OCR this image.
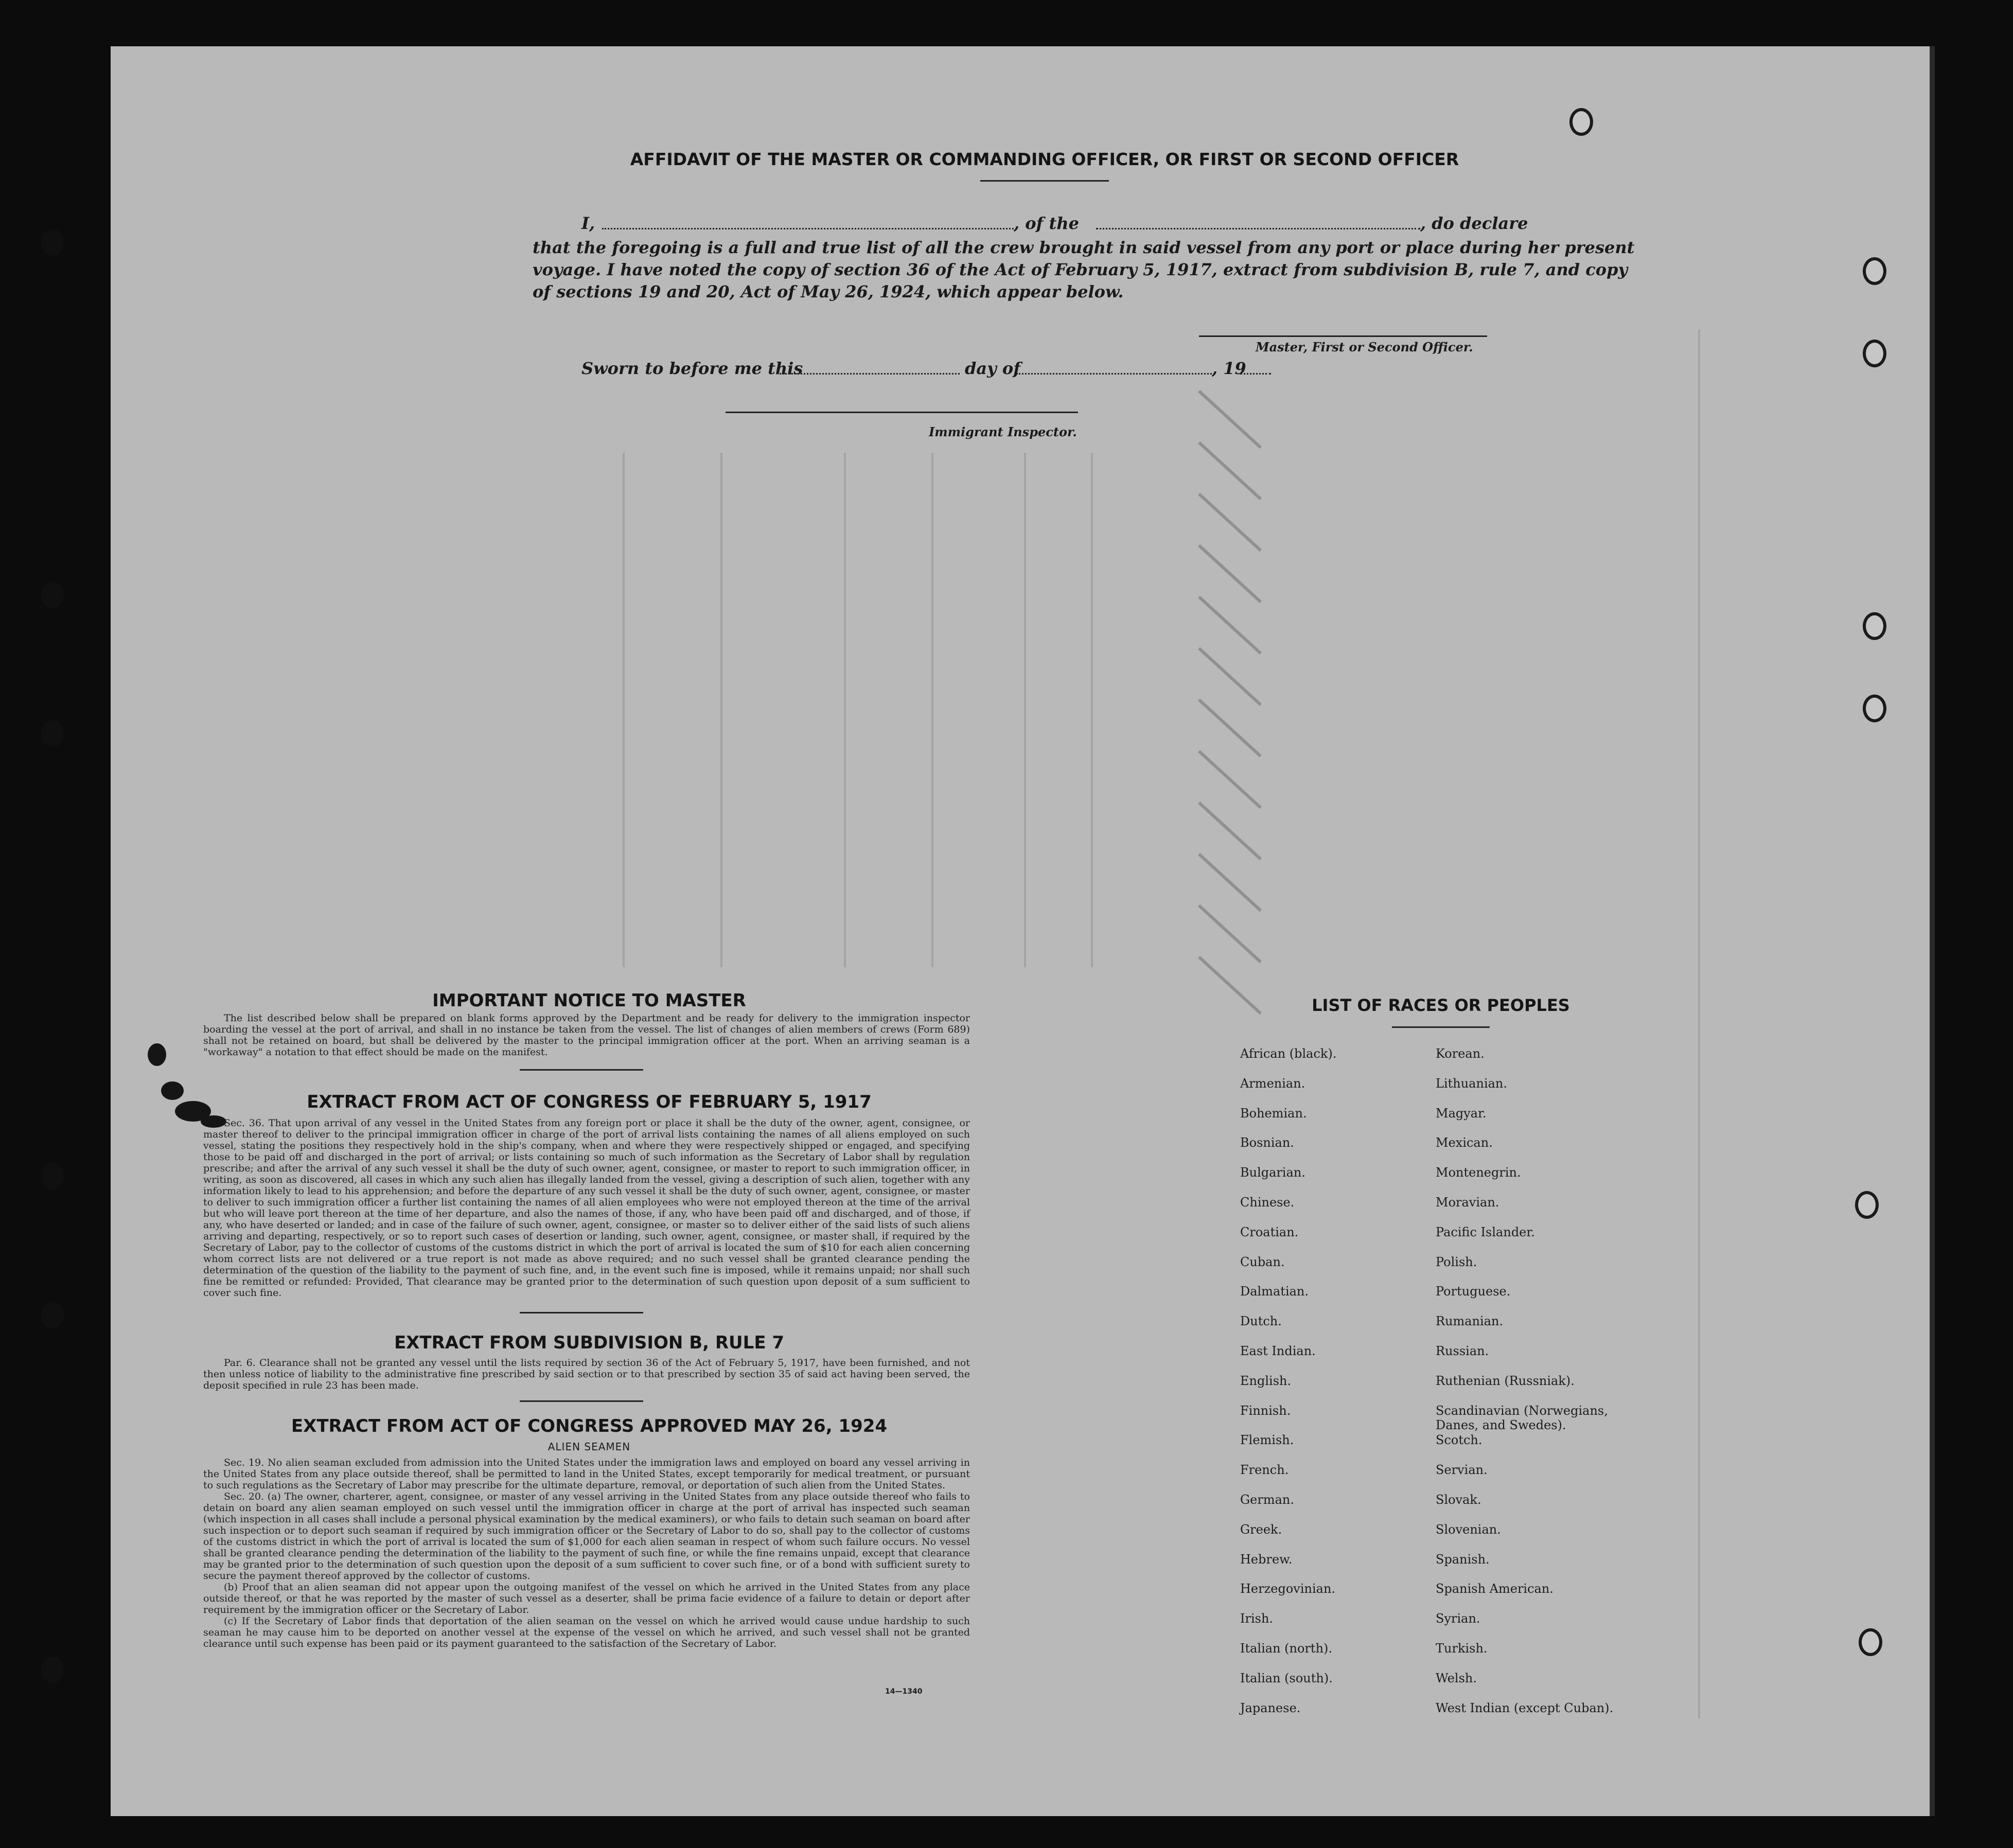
AFFIDAVIT OF THE MASTER OR COMMANDING OFFICER, OR FIRST OR SECOND OFFICER
I,	, of the	, do declare
that the foregoing is a full and true list of all the crew brought in said vessel from any port or place during her present
voyage. I have noted the copy of section 36 of the Act of February 5, 1917, extract from subdivision B, rule 7, and copy
of sections 19 and 20, Act of May 26, 1924, which appear below.
Master, First or Second Officer.
Sworn to before me this	day of	, 19
Immigrant Inspector.
IMPORTANT NOTICE TO MASTER
The list described below shall be prepared on blank forms approved by the Department and be ready for delivery to the immigration inspector boarding the vessel at the port of arrival, and shall in no instance be taken from the vessel. The list of changes of alien members of crews (Form 689) shall not be retained on board, but shall be delivered by the master to the principal immigration officer at the port. When an arriving seaman is a "workaway" a notation to that effect should be made on the manifest.
EXTRACT FROM ACT OF CONGRESS OF FEBRUARY 5, 1917
Sec. 36. That upon arrival of any vessel in the United States from any foreign port or place it shall be the duty of the owner, agent, consignee, or master thereof to deliver to the principal immigration officer in charge of the port of arrival lists containing the names of all aliens employed on such vessel, stating the positions they respectively hold in the ship's company, when and where they were respectively shipped or engaged, and specifying those to be paid off and discharged in the port of arrival; or lists containing so much of such information as the Secretary of Labor shall by regulation prescribe; and after the arrival of any such vessel it shall be the duty of such owner, agent, consignee, or master to report to such immigration officer, in writing, as soon as discovered, all cases in which any such alien has illegally landed from the vessel, giving a description of such alien, together with any information likely to lead to his apprehension; and before the departure of any such vessel it shall be the duty of such owner, agent, consignee, or master to deliver to such immigration officer a further list containing the names of all alien employees who were not employed thereon at the time of the arrival but who will leave port thereon at the time of her departure, and also the names of those, if any, who have been paid off and discharged, and of those, if any, who have deserted or landed; and in case of the failure of such owner, agent, consignee, or master so to deliver either of the said lists of such aliens arriving and departing, respectively, or so to report such cases of desertion or landing, such owner, agent, consignee, or master shall, if required by the Secretary of Labor, pay to the collector of customs of the customs district in which the port of arrival is located the sum of $10 for each alien concerning whom correct lists are not delivered or a true report is not made as above required; and no such vessel shall be granted clearance pending the determination of the question of the liability to the payment of such fine, and, in the event such fine is imposed, while it remains unpaid; nor shall such fine be remitted or refunded: Provided, That clearance may be granted prior to the determination of such question upon deposit of a sum sufficient to cover such fine.
EXTRACT FROM SUBDIVISION B, RULE 7
Par. 6. Clearance shall not be granted any vessel until the lists required by section 36 of the Act of February 5, 1917, have been furnished, and not then unless notice of liability to the administrative fine prescribed by said section or to that prescribed by section 35 of said act having been served, the deposit specified in rule 23 has been made.
EXTRACT FROM ACT OF CONGRESS APPROVED MAY 26, 1924
ALIEN SEAMEN
Sec. 19. No alien seaman excluded from admission into the United States under the immigration laws and employed on board any vessel arriving in the United States from any place outside thereof, shall be permitted to land in the United States, except temporarily for medical treatment, or pursuant to such regulations as the Secretary of Labor may prescribe for the ultimate departure, removal, or deportation of such alien from the United States.
Sec. 20. (a) The owner, charterer, agent, consignee, or master of any vessel arriving in the United States from any place outside thereof who fails to detain on board any alien seaman employed on such vessel until the immigration officer in charge at the port of arrival has inspected such seaman (which inspection in all cases shall include a personal physical examination by the medical examiners), or who fails to detain such seaman on board after such inspection or to deport such seaman if required by such immigration officer or the Secretary of Labor to do so, shall pay to the collector of customs of the customs district in which the port of arrival is located the sum of $1,000 for each alien seaman in respect of whom such failure occurs. No vessel shall be granted clearance pending the determination of the liability to the payment of such fine, or while the fine remains unpaid, except that clearance may be granted prior to the determination of such question upon the deposit of a sum sufficient to cover such fine, or of a bond with sufficient surety to secure the payment thereof approved by the collector of customs.
(b) Proof that an alien seaman did not appear upon the outgoing manifest of the vessel on which he arrived in the United States from any place outside thereof, or that he was reported by the master of such vessel as a deserter, shall be prima facie evidence of a failure to detain or deport after requirement by the immigration officer or the Secretary of Labor.
(c) If the Secretary of Labor finds that deportation of the alien seaman on the vessel on which he arrived would cause undue hardship to such seaman he may cause him to be deported on another vessel at the expense of the vessel on which he arrived, and such vessel shall not be granted clearance until such expense has been paid or its payment guaranteed to the satisfaction of the Secretary of Labor.
14—1340
LIST OF RACES OR PEOPLES
African (black).
Armenian.
Bohemian.
Bosnian.
Bulgarian.
Chinese.
Croatian.
Cuban.
Dalmatian.
Dutch.
East Indian.
English.
Finnish.
Flemish.
French.
German.
Greek.
Hebrew.
Herzegovinian.
Irish.
Italian (north).
Italian (south).
Japanese.
Korean.
Lithuanian.
Magyar.
Mexican.
Montenegrin.
Moravian.
Pacific Islander.
Polish.
Portuguese.
Rumanian.
Russian.
Ruthenian (Russniak).
Scandinavian (Norwegians, Danes, and Swedes).
Scotch.
Servian.
Slovak.
Slovenian.
Spanish.
Spanish American.
Syrian.
Turkish.
Welsh.
West Indian (except Cuban).
